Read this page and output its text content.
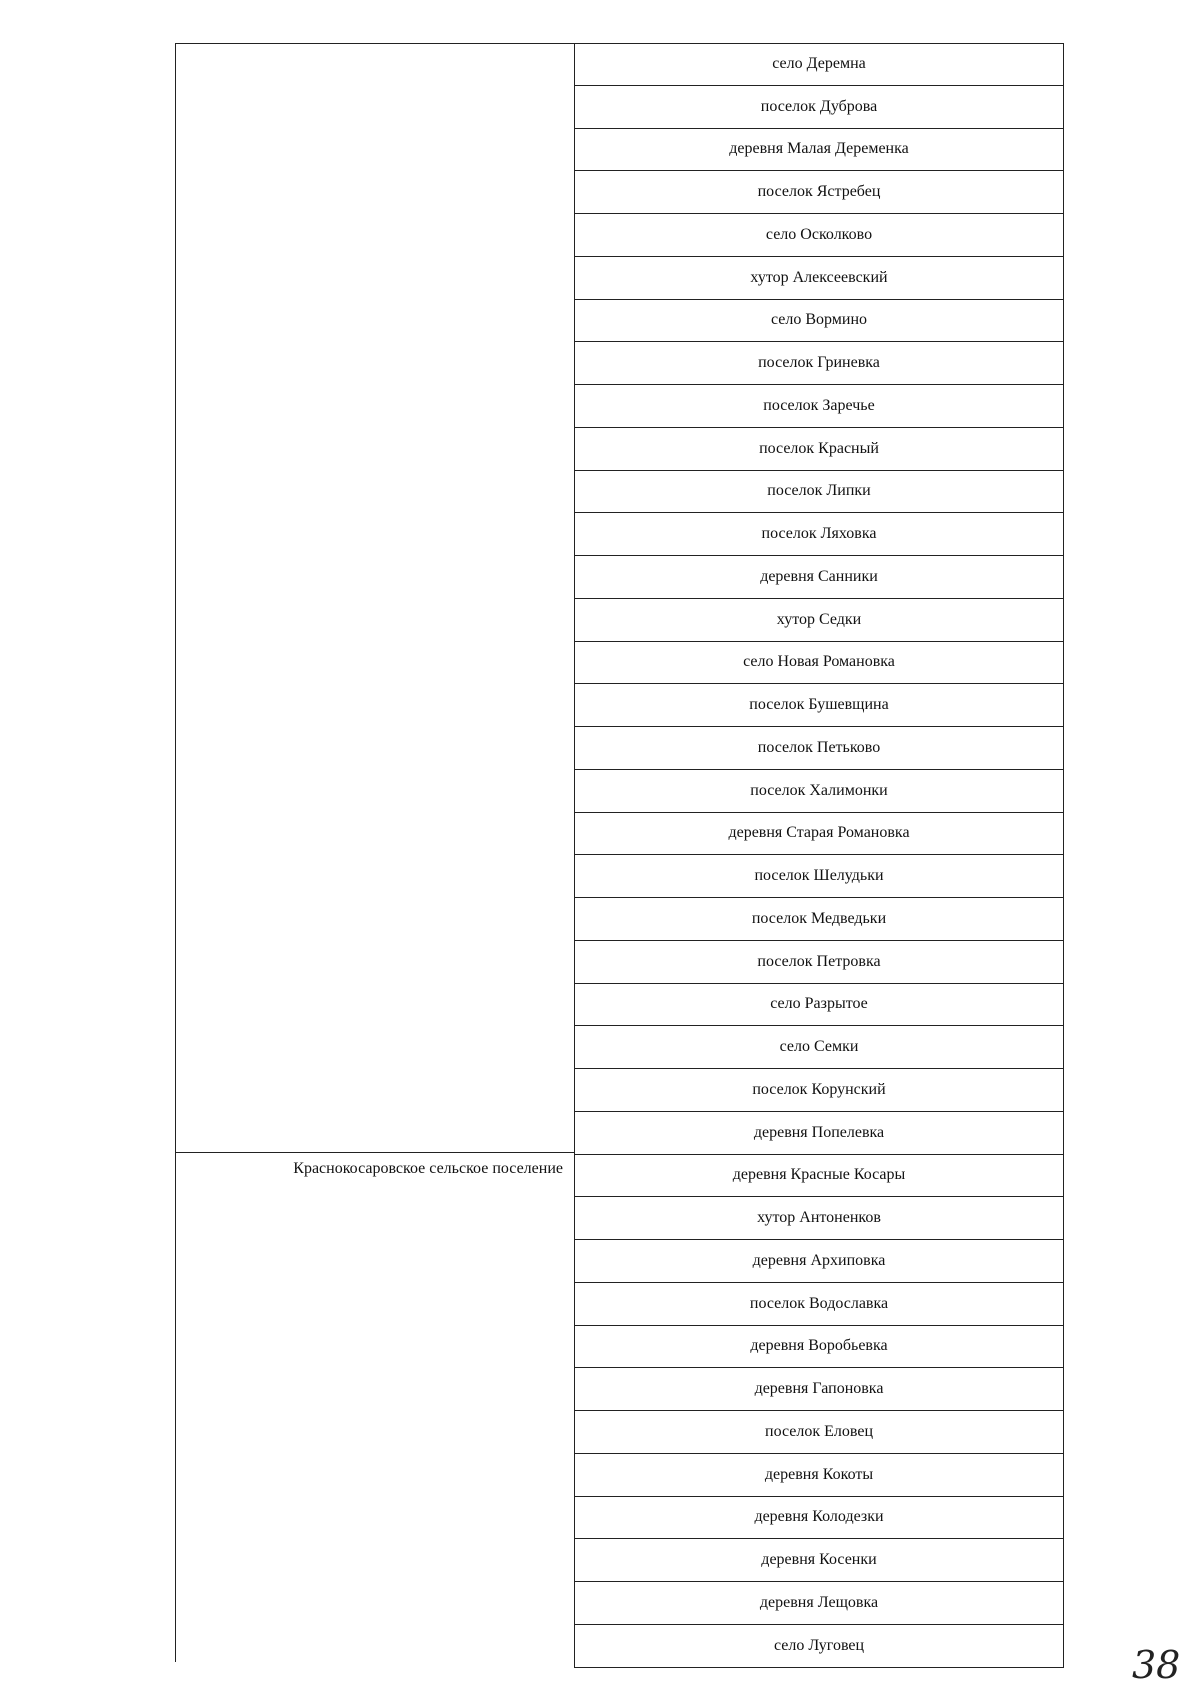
Краснокосаровское сельское поселение
село Деремна
поселок Дуброва
деревня Малая Деременка
поселок Ястребец
село Осколково
хутор Алексеевский
село Вормино
поселок Гриневка
поселок Заречье
поселок Красный
поселок Липки
поселок Ляховка
деревня Санники
хутор Седки
село Новая Романовка
поселок Бушевщина
поселок Петьково
поселок Халимонки
деревня Старая Романовка
поселок Шелудьки
поселок Медведьки
поселок Петровка
село Разрытое
село Семки
поселок Корунский
деревня Попелевка
деревня Красные Косары
хутор Антоненков
деревня Архиповка
поселок Водославка
деревня Воробьевка
деревня Гапоновка
поселок Еловец
деревня Кокоты
деревня Колодезки
деревня Косенки
деревня Лещовка
село Луговец	38
